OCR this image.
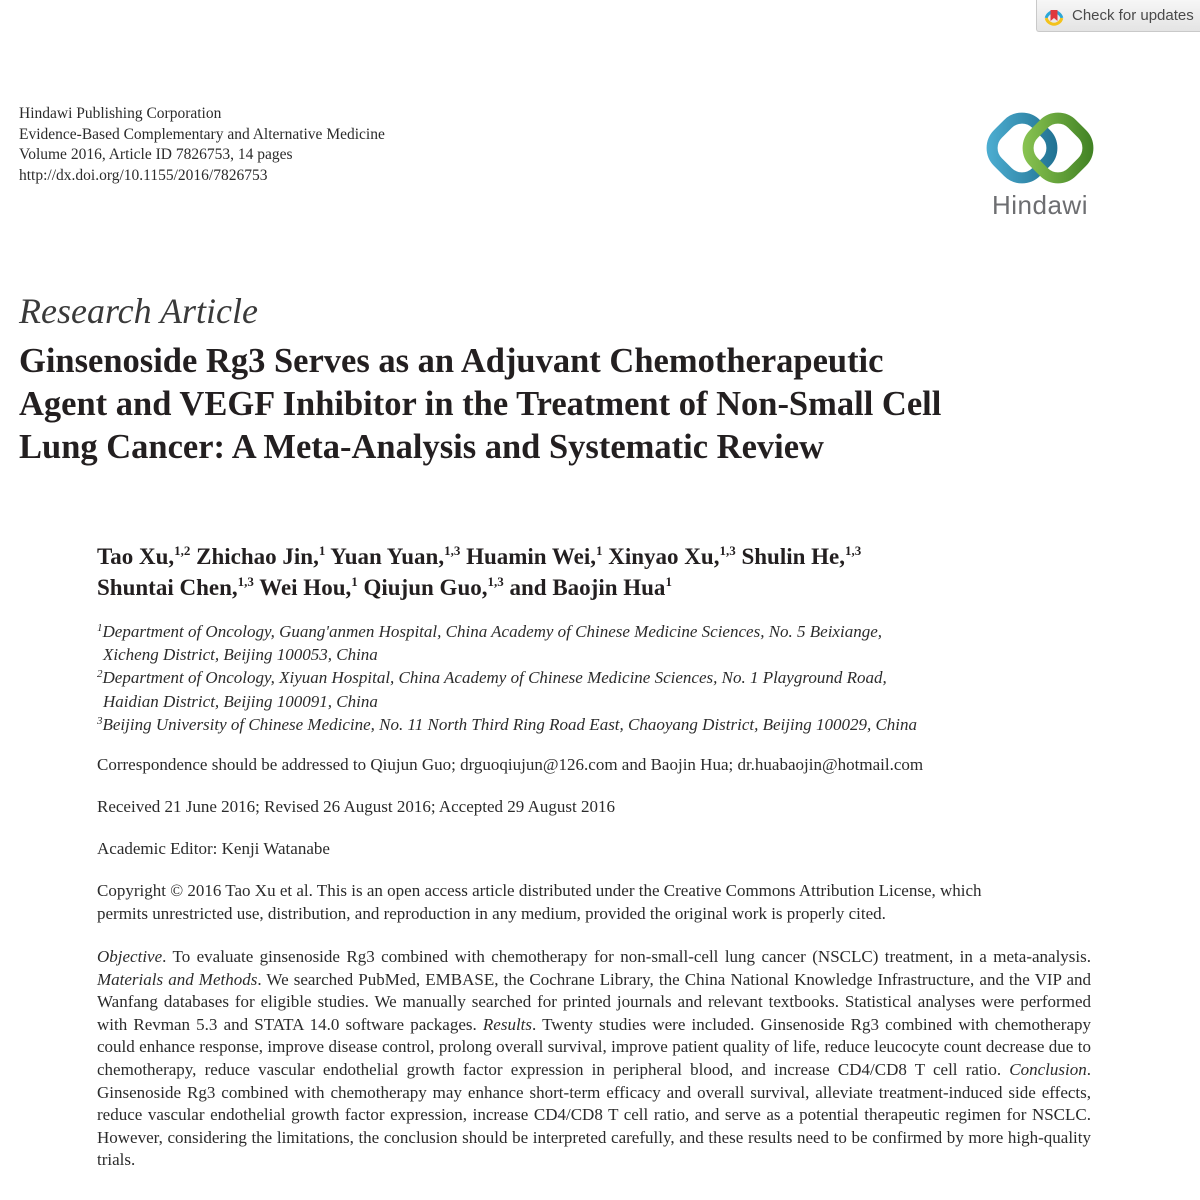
Check for updates
Hindawi Publishing Corporation
Evidence-Based Complementary and Alternative Medicine
Volume 2016, Article ID 7826753, 14 pages
http://dx.doi.org/10.1155/2016/7826753
Hindawi
Research Article
Ginsenoside Rg3 Serves as an Adjuvant Chemotherapeutic
Agent and VEGF Inhibitor in the Treatment of Non-Small Cell
Lung Cancer: A Meta-Analysis and Systematic Review
Tao Xu,$^{1,2}$ Zhichao Jin,$^1$ Yuan Yuan,$^{1,3}$ Huamin Wei,$^1$ Xinyao Xu,$^{1,3}$ Shulin He,$^{1,3}$
Shuntai Chen,$^{1,3}$ Wei Hou,$^1$ Qiujun Guo,$^{1,3}$ and Baojin Hua$^1$
$^1$Department of Oncology, Guang'anmen Hospital, China Academy of Chinese Medicine Sciences, No. 5 Beixiange,
Xicheng District, Beijing 100053, China
$^2$Department of Oncology, Xiyuan Hospital, China Academy of Chinese Medicine Sciences, No. 1 Playground Road,
Haidian District, Beijing 100091, China
$^3$Beijing University of Chinese Medicine, No. 11 North Third Ring Road East, Chaoyang District, Beijing 100029, China
Correspondence should be addressed to Qiujun Guo; drguoqiujun@126.com and Baojin Hua; dr.huabaojin@hotmail.com
Received 21 June 2016; Revised 26 August 2016; Accepted 29 August 2016
Academic Editor: Kenji Watanabe
Copyright © 2016 Tao Xu et al. This is an open access article distributed under the Creative Commons Attribution License, which
permits unrestricted use, distribution, and reproduction in any medium, provided the original work is properly cited.
Objective. To evaluate ginsenoside Rg3 combined with chemotherapy for non-small-cell lung cancer (NSCLC) treatment, in a meta-analysis. Materials and Methods. We searched PubMed, EMBASE, the Cochrane Library, the China National Knowledge Infrastructure, and the VIP and Wanfang databases for eligible studies. We manually searched for printed journals and relevant textbooks. Statistical analyses were performed with Revman 5.3 and STATA 14.0 software packages. Results. Twenty studies were included. Ginsenoside Rg3 combined with chemotherapy could enhance response, improve disease control, prolong overall survival, improve patient quality of life, reduce leucocyte count decrease due to chemotherapy, reduce vascular endothelial growth factor expression in peripheral blood, and increase CD4/CD8 T cell ratio. Conclusion. Ginsenoside Rg3 combined with chemotherapy may enhance short-term efficacy and overall survival, alleviate treatment-induced side effects, reduce vascular endothelial growth factor expression, increase CD4/CD8 T cell ratio, and serve as a potential therapeutic regimen for NSCLC. However, considering the limitations, the conclusion should be interpreted carefully, and these results need to be confirmed by more high-quality trials.
